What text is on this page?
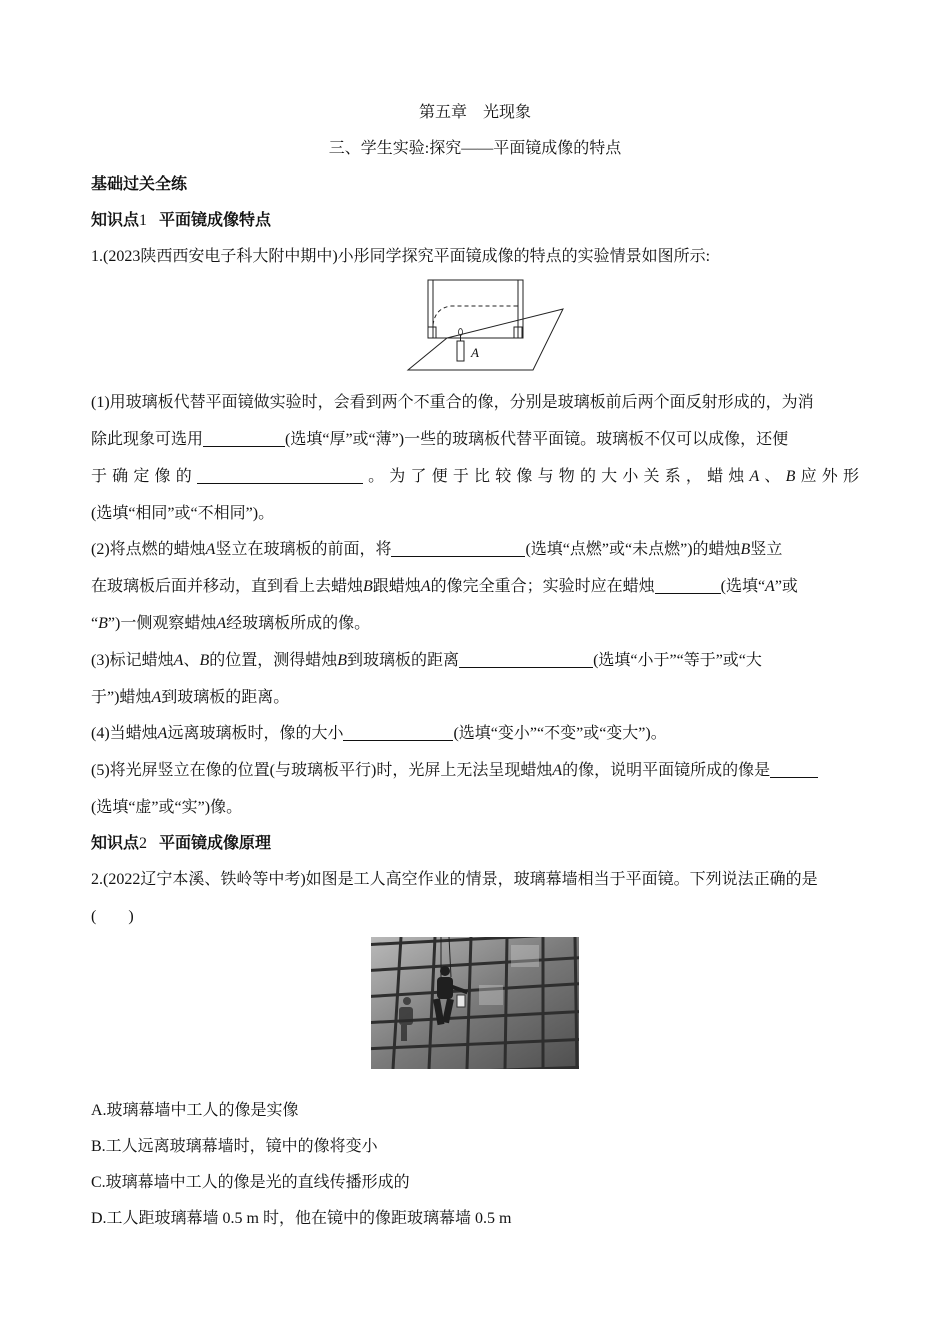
第五章　光现象
三、学生实验:探究——平面镜成像的特点
基础过关全练
知识点1 平面镜成像特点
1.(2023陕西西安电子科大附中期中)小彤同学探究平面镜成像的特点的实验情景如图所示:
A
(1)用玻璃板代替平面镜做实验时，会看到两个不重合的像，分别是玻璃板前后两个面反射形成的，为消
除此现象可选用	(选填“厚”或“薄”)一些的玻璃板代替平面镜。玻璃板不仅可以成像，还便
于确定像的	。为了便于比较像与物的大小关系，蜡烛A、B应外形
(选填“相同”或“不相同”)。
(2)将点燃的蜡烛A竖立在玻璃板的前面，将	(选填“点燃”或“未点燃”)的蜡烛B竖立
在玻璃板后面并移动，直到看上去蜡烛B跟蜡烛A的像完全重合；实验时应在蜡烛	(选填“A”或
“B”)一侧观察蜡烛A经玻璃板所成的像。
(3)标记蜡烛A、B的位置，测得蜡烛B到玻璃板的距离	(选填“小于”“等于”或“大
于”)蜡烛A到玻璃板的距离。
(4)当蜡烛A远离玻璃板时，像的大小	(选填“变小”“不变”或“变大”)。
(5)将光屏竖立在像的位置(与玻璃板平行)时，光屏上无法呈现蜡烛A的像，说明平面镜所成的像是
(选填“虚”或“实”)像。
知识点2 平面镜成像原理
2.(2022辽宁本溪、铁岭等中考)如图是工人高空作业的情景，玻璃幕墙相当于平面镜。下列说法正确的是
(　　)
A.玻璃幕墙中工人的像是实像
B.工人远离玻璃幕墙时，镜中的像将变小
C.玻璃幕墙中工人的像是光的直线传播形成的
D.工人距玻璃幕墙 0.5 m 时，他在镜中的像距玻璃幕墙 0.5 m
